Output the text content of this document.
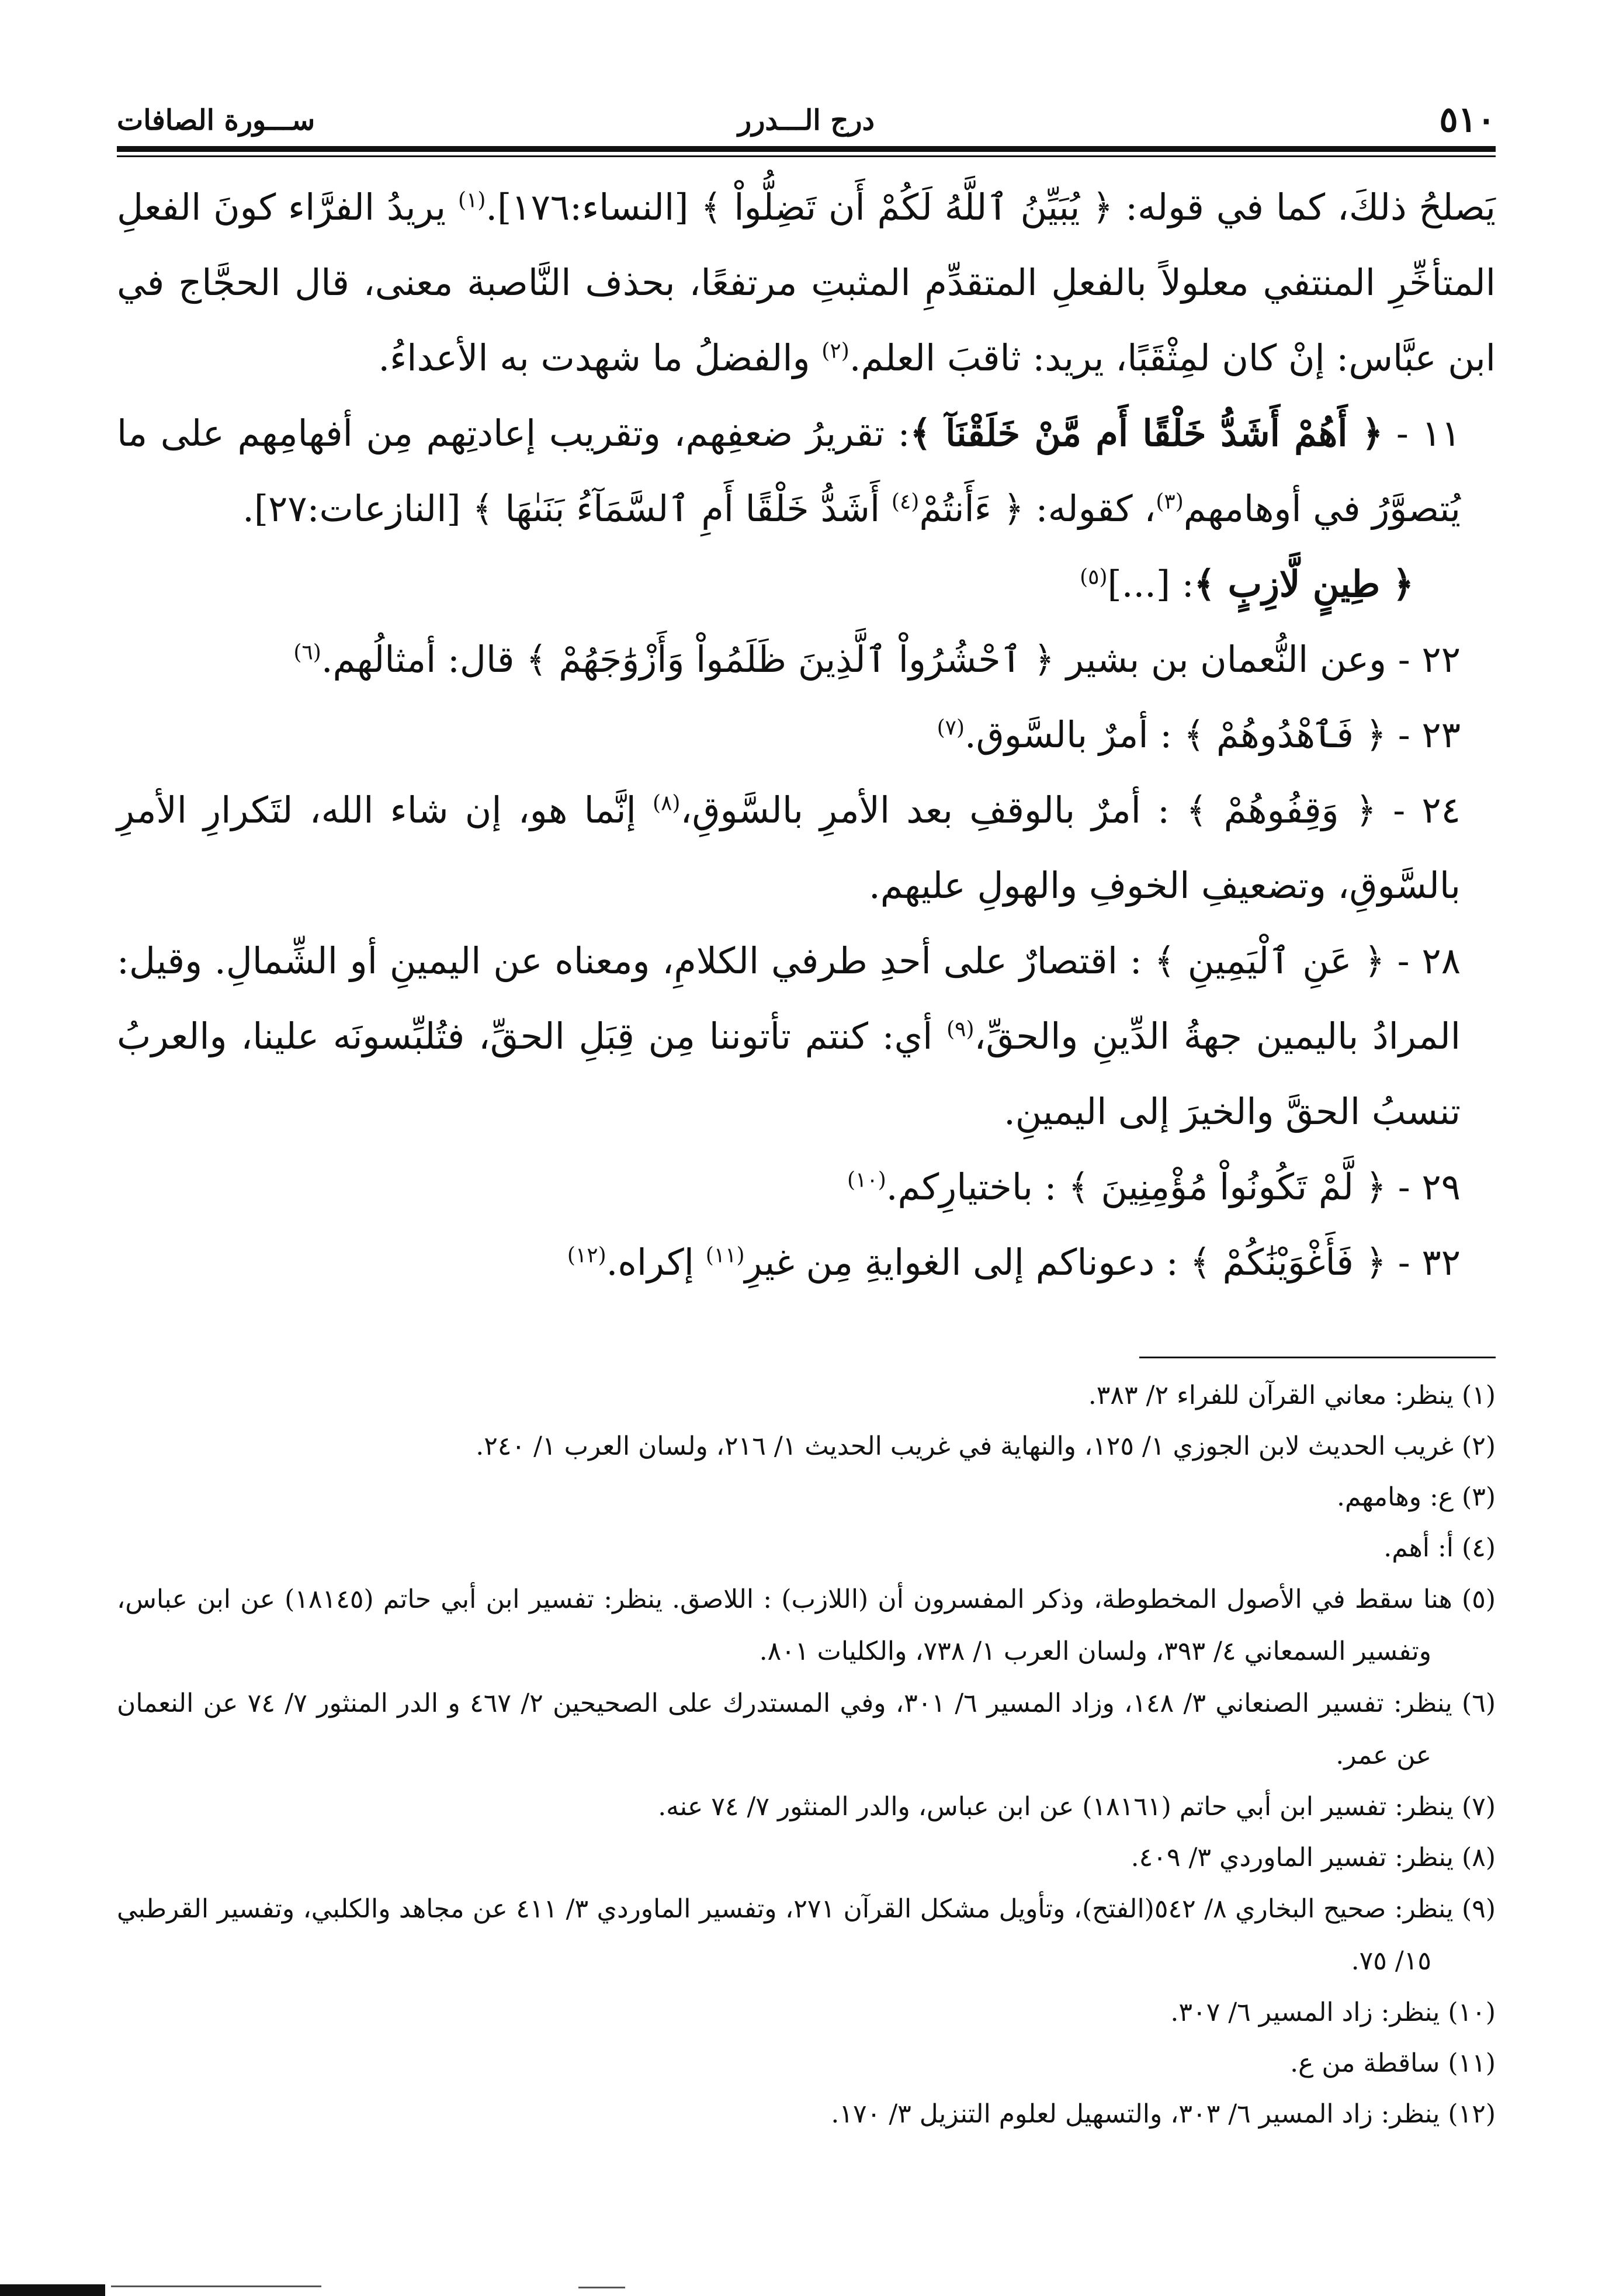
ســـورة الصافات	درج الـــدرر	٥١٠

يَصلحُ ذلكَ، كما في قوله: ﴿ يُبَيِّنُ ٱللَّهُ لَكُمْ أَن تَضِلُّواْ ﴾ [النساء:١٧٦].$^{(١)}$ يريدُ الفرَّاء كونَ الفعلِ المتأخِّرِ المنتفي معلولاً بالفعلِ المتقدِّمِ المثبتِ مرتفعًا، بحذف النَّاصبة معنى، قال الحجَّاج في ابن عبَّاس: إنْ كان لمِثْقَبًا، يريد: ثاقبَ العلم.$^{(٢)}$ والفضلُ ما شهدت به الأعداءُ.

١١ - ﴿ أَهُمْ أَشَدُّ خَلْقًا أَم مَّنْ خَلَقْنَآ ﴾: تقريرُ ضعفِهم، وتقريب إعادتِهم مِن أفهامِهم على ما يُتصوَّرُ في أوهامهم$^{(٣)}$، كقوله: ﴿ ءَأَنتُمْ$^{(٤)}$ أَشَدُّ خَلْقًا أَمِ ٱلسَّمَآءُ بَنَىٰهَا ﴾ [النازعات:٢٧].

﴿ طِينٍ لَّازِبٍ ﴾: [...]$^{(٥)}$

٢٢ - وعن النُّعمان بن بشير ﴿ ٱحْشُرُواْ ٱلَّذِينَ ظَلَمُواْ وَأَزْوَٰجَهُمْ ﴾ قال: أمثالُهم.$^{(٦)}$

٢٣ - ﴿ فَٱهْدُوهُمْ ﴾ : أمرٌ بالسَّوق.$^{(٧)}$

٢٤ - ﴿ وَقِفُوهُمْ ﴾ : أمرٌ بالوقفِ بعد الأمرِ بالسَّوقِ،$^{(٨)}$ إنَّما هو، إن شاء الله، لتَكرارِ الأمرِ بالسَّوقِ، وتضعيفِ الخوفِ والهولِ عليهم.

٢٨ - ﴿ عَنِ ٱلْيَمِينِ ﴾ : اقتصارٌ على أحدِ طرفي الكلامِ، ومعناه عن اليمينِ أو الشِّمالِ. وقيل: المرادُ باليمين جهةُ الدِّينِ والحقِّ،$^{(٩)}$ أي: كنتم تأتوننا مِن قِبَلِ الحقِّ، فتُلبِّسونَه علينا، والعربُ تنسبُ الحقَّ والخيرَ إلى اليمينِ.

٢٩ - ﴿ لَّمْ تَكُونُواْ مُؤْمِنِينَ ﴾ : باختيارِكم.$^{(١٠)}$

٣٢ - ﴿ فَأَغْوَيْنَٰكُمْ ﴾ : دعوناكم إلى الغوايةِ مِن غيرِ$^{(١١)}$ إكراه.$^{(١٢)}$

(١) ينظر: معاني القرآن للفراء ٢/ ٣٨٣.

(٢) غريب الحديث لابن الجوزي ١/ ١٢٥، والنهاية في غريب الحديث ١/ ٢١٦، ولسان العرب ١/ ٢٤٠.

(٣) ع: وهامهم.

(٤) أ: أهم.

(٥) هنا سقط في الأصول المخطوطة، وذكر المفسرون أن (اللازب) : اللاصق. ينظر: تفسير ابن أبي حاتم (١٨١٤٥) عن ابن عباس، وتفسير السمعاني ٤/ ٣٩٣، ولسان العرب ١/ ٧٣٨، والكليات ٨٠١.

(٦) ينظر: تفسير الصنعاني ٣/ ١٤٨، وزاد المسير ٦/ ٣٠١، وفي المستدرك على الصحيحين ٢/ ٤٦٧ و الدر المنثور ٧/ ٧٤ عن النعمان عن عمر.

(٧) ينظر: تفسير ابن أبي حاتم (١٨١٦١) عن ابن عباس، والدر المنثور ٧/ ٧٤ عنه.

(٨) ينظر: تفسير الماوردي ٣/ ٤٠٩.

(٩) ينظر: صحيح البخاري ٨/ ٥٤٢(الفتح)، وتأويل مشكل القرآن ٢٧١، وتفسير الماوردي ٣/ ٤١١ عن مجاهد والكلبي، وتفسير القرطبي ١٥/ ٧٥.

(١٠) ينظر: زاد المسير ٦/ ٣٠٧.

(١١) ساقطة من ع.

(١٢) ينظر: زاد المسير ٦/ ٣٠٣، والتسهيل لعلوم التنزيل ٣/ ١٧٠.
